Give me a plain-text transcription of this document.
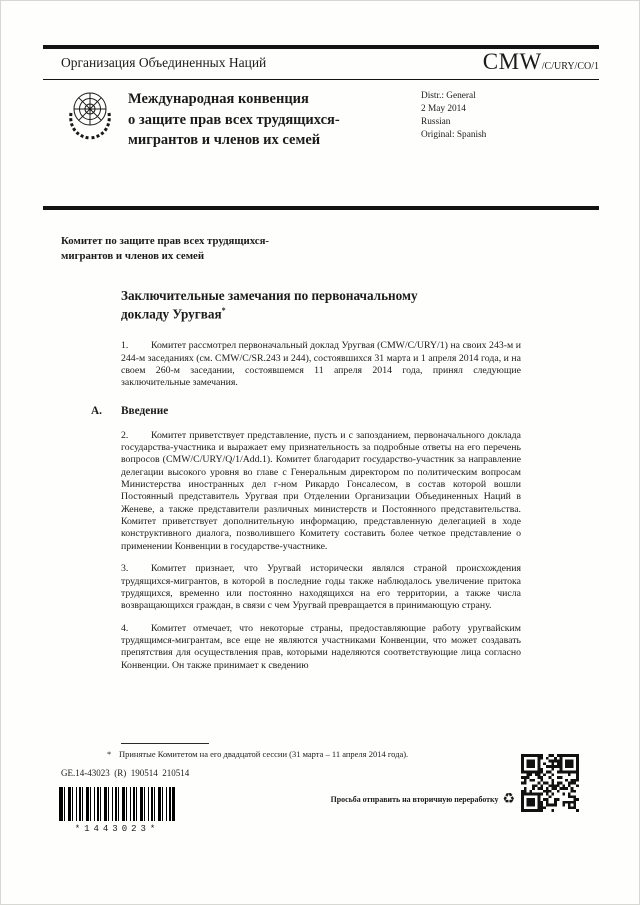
Организация Объединенных Наций	CMW/C/URY/CO/1
Международная конвенция
о защите прав всех трудящихся-
мигрантов и членов их семей
Distr.: General
2 May 2014
Russian
Original: Spanish
Комитет по защите прав всех трудящихся-
мигрантов и членов их семей
Заключительные замечания по первоначальному докладу Уругвая*

1. Комитет рассмотрел первоначальный доклад Уругвая (CMW/C/URY/1) на своих 243-м и 244-м заседаниях (см. CMW/C/SR.243 и 244), состоявшихся 31 марта и 1 апреля 2014 года, и на своем 260-м заседании, состоявшемся 11 апреля 2014 года, принял следующие заключительные замечания.

A. Введение

2. Комитет приветствует представление, пусть и с запозданием, первоначального доклада государства-участника и выражает ему признательность за подробные ответы на его перечень вопросов (CMW/C/URY/Q/1/Add.1). Комитет благодарит государство-участник за направление делегации высокого уровня во главе с Генеральным директором по политическим вопросам Министерства иностранных дел г-ном Рикардо Гонсалесом, в состав которой вошли Постоянный представитель Уругвая при Отделении Организации Объединенных Наций в Женеве, а также представители различных министерств и Постоянного представительства. Комитет приветствует дополнительную информацию, представленную делегацией в ходе конструктивного диалога, позволившего Комитету составить более четкое представление о применении Конвенции в государстве-участнике.

3. Комитет признает, что Уругвай исторически являлся страной происхождения трудящихся-мигрантов, в которой в последние годы также наблюдалось увеличение притока трудящихся, временно или постоянно находящихся на его территории, а также числа возвращающихся граждан, в связи с чем Уругвай превращается в принимающую страну.

4. Комитет отмечает, что некоторые страны, предоставляющие работу уругвайским трудящимся-мигрантам, все еще не являются участниками Конвенции, что может создавать препятствия для осуществления прав, которыми наделяются соответствующие лица согласно Конвенции. Он также принимает к сведению

* Принятые Комитетом на его двадцатой сессии (31 марта – 11 апреля 2014 года).
GE.14-43023  (R)  190514  210514
*1443023*
Просьба отправить на вторичную переработку ♻
